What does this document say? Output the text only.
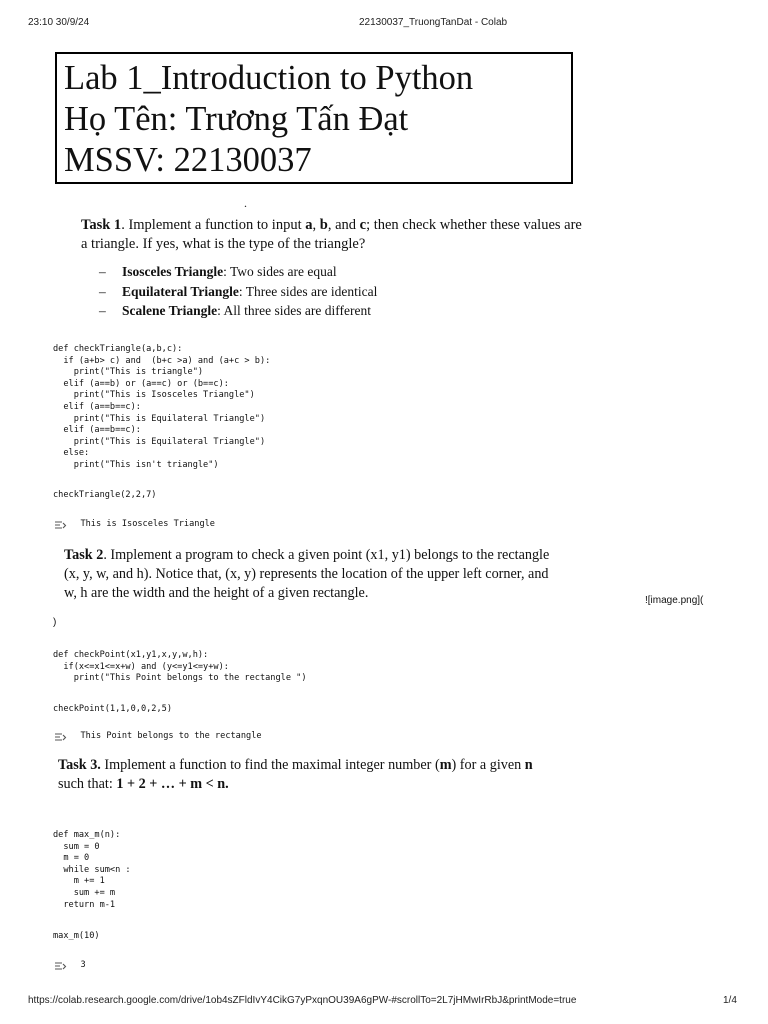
23:10 30/9/24	22130037_TruongTanDat - Colab
Lab 1_Introduction to Python
Họ Tên: Trương Tấn Đạt
MSSV: 22130037
.
Task 1. Implement a function to input a, b, and c; then check whether these values are
a triangle. If yes, what is the type of the triangle?
– Isosceles Triangle: Two sides are equal
– Equilateral Triangle: Three sides are identical
– Scalene Triangle: All three sides are different
def checkTriangle(a,b,c):
if (a+b> c) and  (b+c >a) and (a+c > b):
print("This is triangle")
elif (a==b) or (a==c) or (b==c):
print("This is Isosceles Triangle")
elif (a==b==c):
print("This is Equilateral Triangle")
elif (a==b==c):
print("This is Equilateral Triangle")
else:
print("This isn't triangle")
checkTriangle(2,2,7)
This is Isosceles Triangle
Task 2. Implement a program to check a given point (x1, y1) belongs to the rectangle
(x, y, w, and h). Notice that, (x, y) represents the location of the upper left corner, and
w, h are the width and the height of a given rectangle.	![image.png](
)
def checkPoint(x1,y1,x,y,w,h):
if(x<=x1<=x+w) and (y<=y1<=y+w):
print("This Point belongs to the rectangle ")
checkPoint(1,1,0,0,2,5)
This Point belongs to the rectangle
Task 3. Implement a function to find the maximal integer number (m) for a given n
such that: 1 + 2 + … + m < n.
def max_m(n):
sum = 0
m = 0
while sum<n :
m += 1
sum += m
return m-1
max_m(10)
3
https://colab.research.google.com/drive/1ob4sZFldIvY4CikG7yPxqnOU39A6gPW-#scrollTo=2L7jHMwIrRbJ&printMode=true	1/4
